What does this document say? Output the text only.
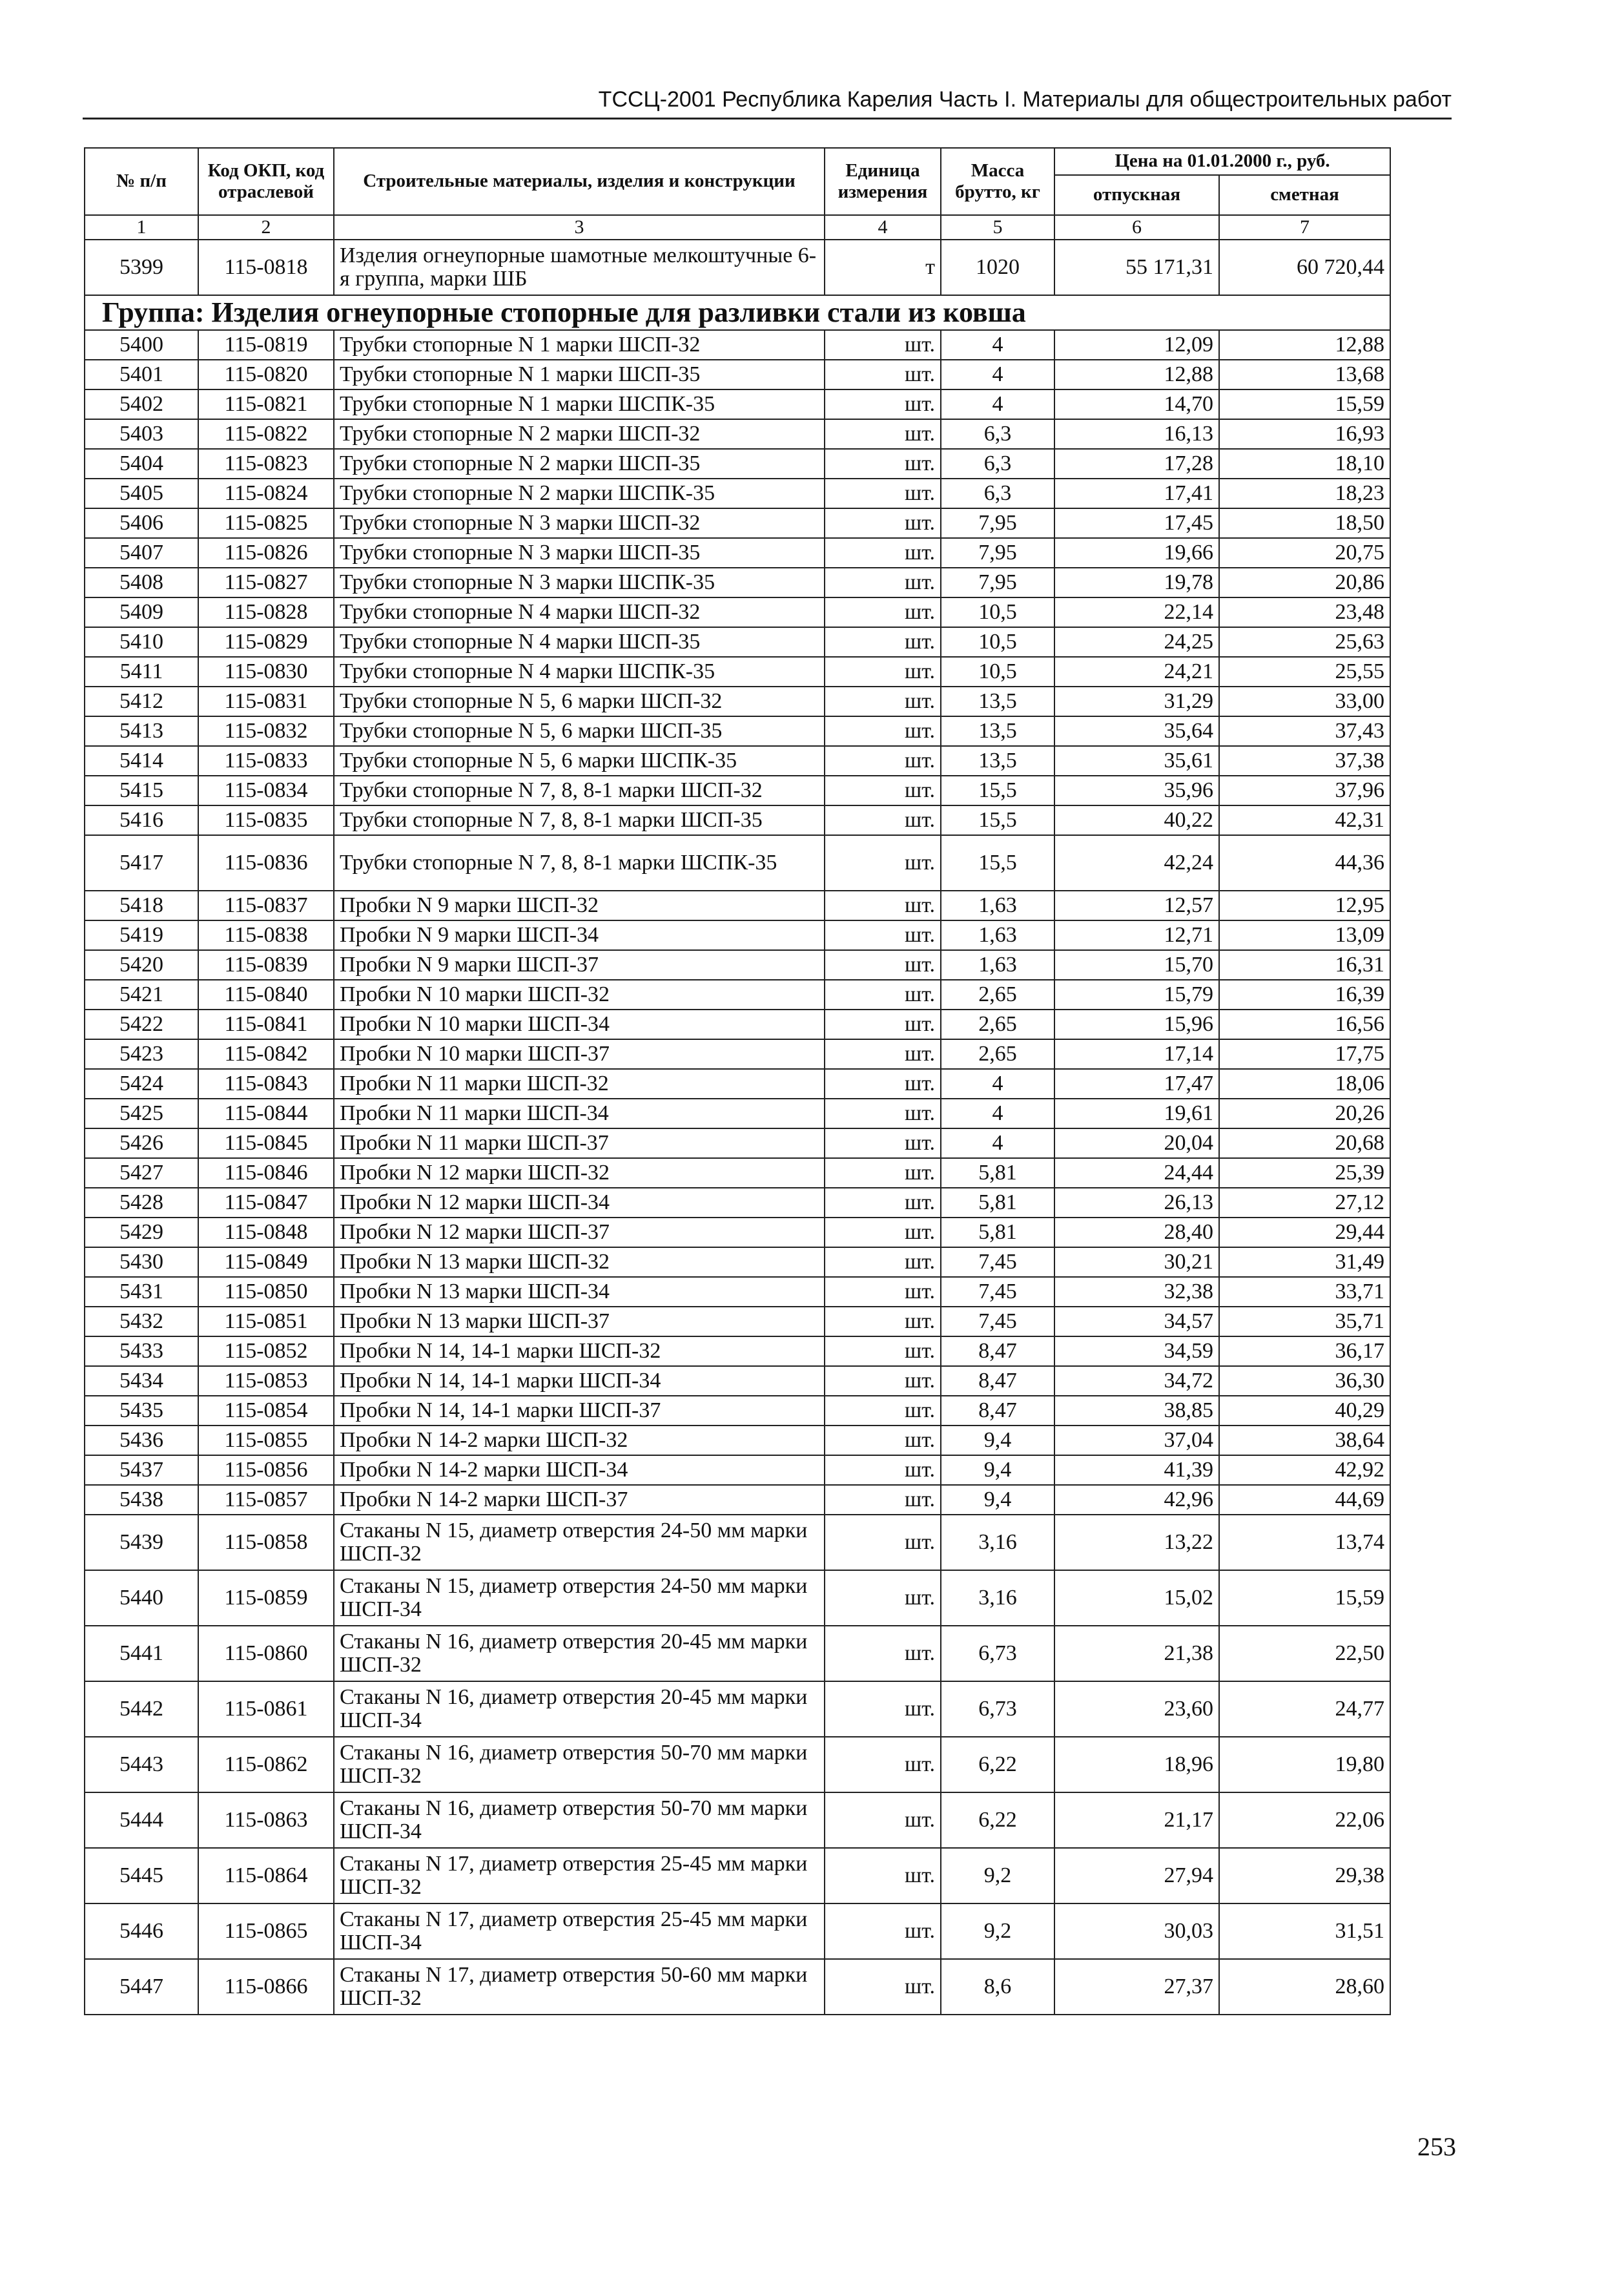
ТССЦ-2001 Республика Карелия Часть I. Материалы для общестроительных работ
№ п/п	Код ОКП, код отраслевой	Строительные материалы, изделия и конструкции	Единица измерения	Масса брутто, кг	Цена на 01.01.2000 г., руб.	
					отпускная	сметная
1	2	3	4	5	6	7
5399	115-0818	Изделия огнеупорные шамотные мелкоштучные 6-я группа, марки ШБ	т	1020	55 171,31	60 720,44
Группа: Изделия огнеупорные стопорные для разливки стали из ковша						
5400	115-0819	Трубки стопорные N 1 марки ШСП-32	шт.	4	12,09	12,88
5401	115-0820	Трубки стопорные N 1 марки ШСП-35	шт.	4	12,88	13,68
5402	115-0821	Трубки стопорные N 1 марки ШСПК-35	шт.	4	14,70	15,59
5403	115-0822	Трубки стопорные N 2 марки ШСП-32	шт.	6,3	16,13	16,93
5404	115-0823	Трубки стопорные N 2 марки ШСП-35	шт.	6,3	17,28	18,10
5405	115-0824	Трубки стопорные N 2 марки ШСПК-35	шт.	6,3	17,41	18,23
5406	115-0825	Трубки стопорные N 3 марки ШСП-32	шт.	7,95	17,45	18,50
5407	115-0826	Трубки стопорные N 3 марки ШСП-35	шт.	7,95	19,66	20,75
5408	115-0827	Трубки стопорные N 3 марки ШСПК-35	шт.	7,95	19,78	20,86
5409	115-0828	Трубки стопорные N 4 марки ШСП-32	шт.	10,5	22,14	23,48
5410	115-0829	Трубки стопорные N 4 марки ШСП-35	шт.	10,5	24,25	25,63
5411	115-0830	Трубки стопорные N 4 марки ШСПК-35	шт.	10,5	24,21	25,55
5412	115-0831	Трубки стопорные N 5, 6 марки ШСП-32	шт.	13,5	31,29	33,00
5413	115-0832	Трубки стопорные N 5, 6 марки ШСП-35	шт.	13,5	35,64	37,43
5414	115-0833	Трубки стопорные N 5, 6 марки ШСПК-35	шт.	13,5	35,61	37,38
5415	115-0834	Трубки стопорные N 7, 8, 8-1 марки ШСП-32	шт.	15,5	35,96	37,96
5416	115-0835	Трубки стопорные N 7, 8, 8-1 марки ШСП-35	шт.	15,5	40,22	42,31
5417	115-0836	Трубки стопорные N 7, 8, 8-1 марки ШСПК-35	шт.	15,5	42,24	44,36
5418	115-0837	Пробки N 9 марки ШСП-32	шт.	1,63	12,57	12,95
5419	115-0838	Пробки N 9 марки ШСП-34	шт.	1,63	12,71	13,09
5420	115-0839	Пробки N 9 марки ШСП-37	шт.	1,63	15,70	16,31
5421	115-0840	Пробки N 10 марки ШСП-32	шт.	2,65	15,79	16,39
5422	115-0841	Пробки N 10 марки ШСП-34	шт.	2,65	15,96	16,56
5423	115-0842	Пробки N 10 марки ШСП-37	шт.	2,65	17,14	17,75
5424	115-0843	Пробки N 11 марки ШСП-32	шт.	4	17,47	18,06
5425	115-0844	Пробки N 11 марки ШСП-34	шт.	4	19,61	20,26
5426	115-0845	Пробки N 11 марки ШСП-37	шт.	4	20,04	20,68
5427	115-0846	Пробки N 12 марки ШСП-32	шт.	5,81	24,44	25,39
5428	115-0847	Пробки N 12 марки ШСП-34	шт.	5,81	26,13	27,12
5429	115-0848	Пробки N 12 марки ШСП-37	шт.	5,81	28,40	29,44
5430	115-0849	Пробки N 13 марки ШСП-32	шт.	7,45	30,21	31,49
5431	115-0850	Пробки N 13 марки ШСП-34	шт.	7,45	32,38	33,71
5432	115-0851	Пробки N 13 марки ШСП-37	шт.	7,45	34,57	35,71
5433	115-0852	Пробки N 14, 14-1 марки ШСП-32	шт.	8,47	34,59	36,17
5434	115-0853	Пробки N 14, 14-1 марки ШСП-34	шт.	8,47	34,72	36,30
5435	115-0854	Пробки N 14, 14-1 марки ШСП-37	шт.	8,47	38,85	40,29
5436	115-0855	Пробки N 14-2 марки ШСП-32	шт.	9,4	37,04	38,64
5437	115-0856	Пробки N 14-2 марки ШСП-34	шт.	9,4	41,39	42,92
5438	115-0857	Пробки N 14-2 марки ШСП-37	шт.	9,4	42,96	44,69
5439	115-0858	Стаканы N 15, диаметр отверстия 24-50 мм марки ШСП-32	шт.	3,16	13,22	13,74
5440	115-0859	Стаканы N 15, диаметр отверстия 24-50 мм марки ШСП-34	шт.	3,16	15,02	15,59
5441	115-0860	Стаканы N 16, диаметр отверстия 20-45 мм марки ШСП-32	шт.	6,73	21,38	22,50
5442	115-0861	Стаканы N 16, диаметр отверстия 20-45 мм марки ШСП-34	шт.	6,73	23,60	24,77
5443	115-0862	Стаканы N 16, диаметр отверстия 50-70 мм марки ШСП-32	шт.	6,22	18,96	19,80
5444	115-0863	Стаканы N 16, диаметр отверстия 50-70 мм марки ШСП-34	шт.	6,22	21,17	22,06
5445	115-0864	Стаканы N 17, диаметр отверстия 25-45 мм марки ШСП-32	шт.	9,2	27,94	29,38
5446	115-0865	Стаканы N 17, диаметр отверстия 25-45 мм марки ШСП-34	шт.	9,2	30,03	31,51
5447	115-0866	Стаканы N 17, диаметр отверстия 50-60 мм марки ШСП-32	шт.	8,6	27,37	28,60
253
